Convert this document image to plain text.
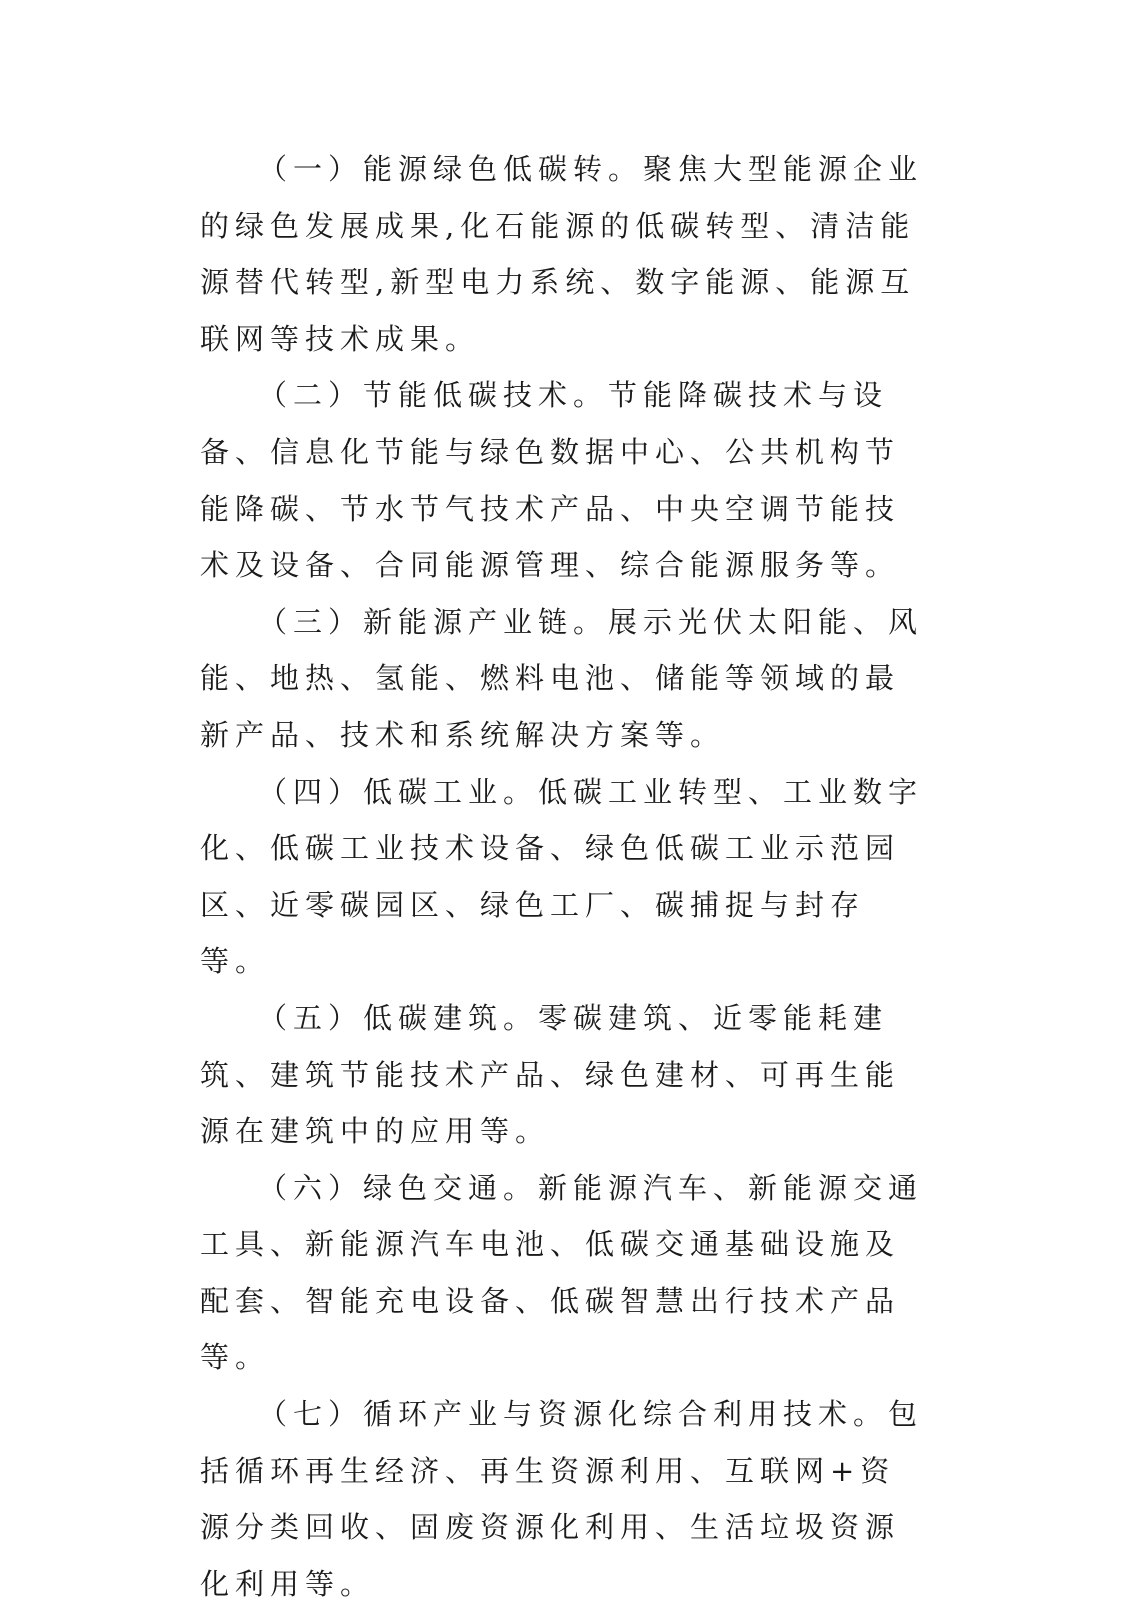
（一）能源绿色低碳转。聚焦大型能源企业的绿色发展成果,化石能源的低碳转型、清洁能源替代转型,新型电力系统、数字能源、能源互联网等技术成果。

（二）节能低碳技术。节能降碳技术与设备、信息化节能与绿色数据中心、公共机构节能降碳、节水节气技术产品、中央空调节能技术及设备、合同能源管理、综合能源服务等。

（三）新能源产业链。展示光伏太阳能、风能、地热、氢能、燃料电池、储能等领域的最新产品、技术和系统解决方案等。

（四）低碳工业。低碳工业转型、工业数字化、低碳工业技术设备、绿色低碳工业示范园区、近零碳园区、绿色工厂、碳捕捉与封存等。

（五）低碳建筑。零碳建筑、近零能耗建筑、建筑节能技术产品、绿色建材、可再生能源在建筑中的应用等。

（六）绿色交通。新能源汽车、新能源交通工具、新能源汽车电池、低碳交通基础设施及配套、智能充电设备、低碳智慧出行技术产品等。

（七）循环产业与资源化综合利用技术。包括循环再生经济、再生资源利用、互联网+资源分类回收、固废资源化利用、生活垃圾资源化利用等。
